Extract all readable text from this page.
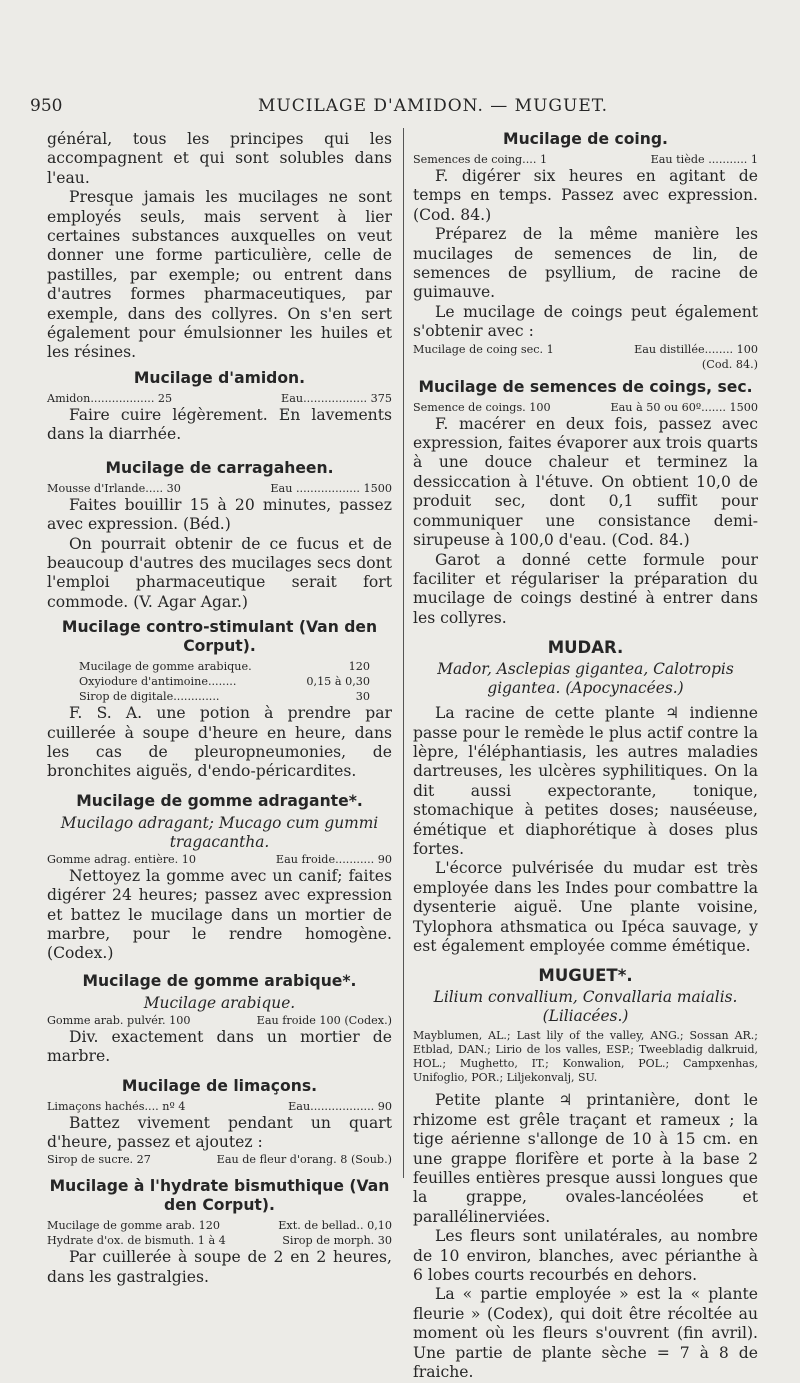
950	MUCILAGE D'AMIDON. — MUGUET.

général, tous les principes qui les accompagnent et qui sont solubles dans l'eau.

Presque jamais les mucilages ne sont employés seuls, mais servent à lier certaines substances auxquelles on veut donner une forme particulière, celle de pastilles, par exemple; ou entrent dans d'autres formes pharmaceutiques, par exemple, dans des collyres. On s'en sert également pour émulsionner les huiles et les résines.

Mucilage d'amidon.
Amidon.................. 25	Eau.................. 375

Faire cuire légèrement. En lavements dans la diarrhée.

Mucilage de carragaheen.
Mousse d'Irlande..... 30	Eau .................. 1500

Faites bouillir 15 à 20 minutes, passez avec expression. (Béd.)

On pourrait obtenir de ce fucus et de beaucoup d'autres des mucilages secs dont l'emploi pharmaceutique serait fort commode. (V. Agar Agar.)

Mucilage contro-stimulant (Van den Corput).
Mucilage de gomme arabique.	120
Oxyiodure d'antimoine........	0,15 à 0,30
Sirop de digitale.............	30

F. S. A. une potion à prendre par cuillerée à soupe d'heure en heure, dans les cas de pleuropneumonies, de bronchites aiguës, d'endo-péricardites.

Mucilage de gomme adragante*.
Mucilago adragant; Mucago cum gummi tragacantha.
Gomme adrag. entière. 10	Eau froide........... 90

Nettoyez la gomme avec un canif; faites digérer 24 heures; passez avec expression et battez le mucilage dans un mortier de marbre, pour le rendre homogène. (Codex.)

Mucilage de gomme arabique*.
Mucilage arabique.
Gomme arab. pulvér. 100	Eau froide 100 (Codex.)

Div. exactement dans un mortier de marbre.

Mucilage de limaçons.
Limaçons hachés.... nº 4	Eau.................. 90

Battez vivement pendant un quart d'heure, passez et ajoutez :

Sirop de sucre. 27	Eau de fleur d'orang. 8 (Soub.)
Mucilage à l'hydrate bismuthique (Van den Corput).
Mucilage de gomme arab. 120	Ext. de bellad.. 0,10
Hydrate d'ox. de bismuth. 1 à 4	Sirop de morph. 30

Par cuillerée à soupe de 2 en 2 heures, dans les gastralgies.

Mucilage de coing.
Semences de coing.... 1	Eau tiède ........... 1

F. digérer six heures en agitant de temps en temps. Passez avec expression. (Cod. 84.)

Préparez de la même manière les mucilages de semences de lin, de semences de psyllium, de racine de guimauve.

Le mucilage de coings peut également s'obtenir avec :

Mucilage de coing sec. 1	Eau distillée........ 100
(Cod. 84.)
Mucilage de semences de coings, sec.
Semence de coings. 100	Eau à 50 ou 60º....... 1500

F. macérer en deux fois, passez avec expression, faites évaporer aux trois quarts à une douce chaleur et terminez la dessiccation à l'étuve. On obtient 10,0 de produit sec, dont 0,1 suffit pour communiquer une consistance demi-sirupeuse à 100,0 d'eau. (Cod. 84.)

Garot a donné cette formule pour faciliter et régulariser la préparation du mucilage de coings destiné à entrer dans les collyres.

MUDAR.
Mador, Asclepias gigantea, Calotropis gigantea. (Apocynacées.)

La racine de cette plante ♃ indienne passe pour le remède le plus actif contre la lèpre, l'éléphantiasis, les autres maladies dartreuses, les ulcères syphilitiques. On la dit aussi expectorante, tonique, stomachique à petites doses; nauséeuse, émétique et diaphorétique à doses plus fortes.

L'écorce pulvérisée du mudar est très employée dans les Indes pour combattre la dysenterie aiguë. Une plante voisine, Tylophora athsmatica ou Ipéca sauvage, y est également employée comme émétique.

MUGUET*.
Lilium convallium, Convallaria maialis. (Liliacées.)
Mayblumen, AL.; Last lily of the valley, ANG.; Sossan AR.; Etblad, DAN.; Lirio de los valles, ESP.; Tweebladig dalkruid, HOL.; Mughetto, IT.; Konwalion, POL.; Campxenhas, Unifoglio, POR.; Liljekonvalj, SU.

Petite plante ♃ printanière, dont le rhizome est grêle traçant et rameux ; la tige aérienne s'allonge de 10 à 15 cm. en une grappe florifère et porte à la base 2 feuilles entières presque aussi longues que la grappe, ovales-lancéolées et parallélinerviées.

Les fleurs sont unilatérales, au nombre de 10 environ, blanches, avec périanthe à 6 lobes courts recourbés en dehors.

La « partie employée » est la « plante fleurie » (Codex), qui doit être récoltée au moment où les fleurs s'ouvrent (fin avril). Une partie de plante sèche = 7 à 8 de fraiche.
